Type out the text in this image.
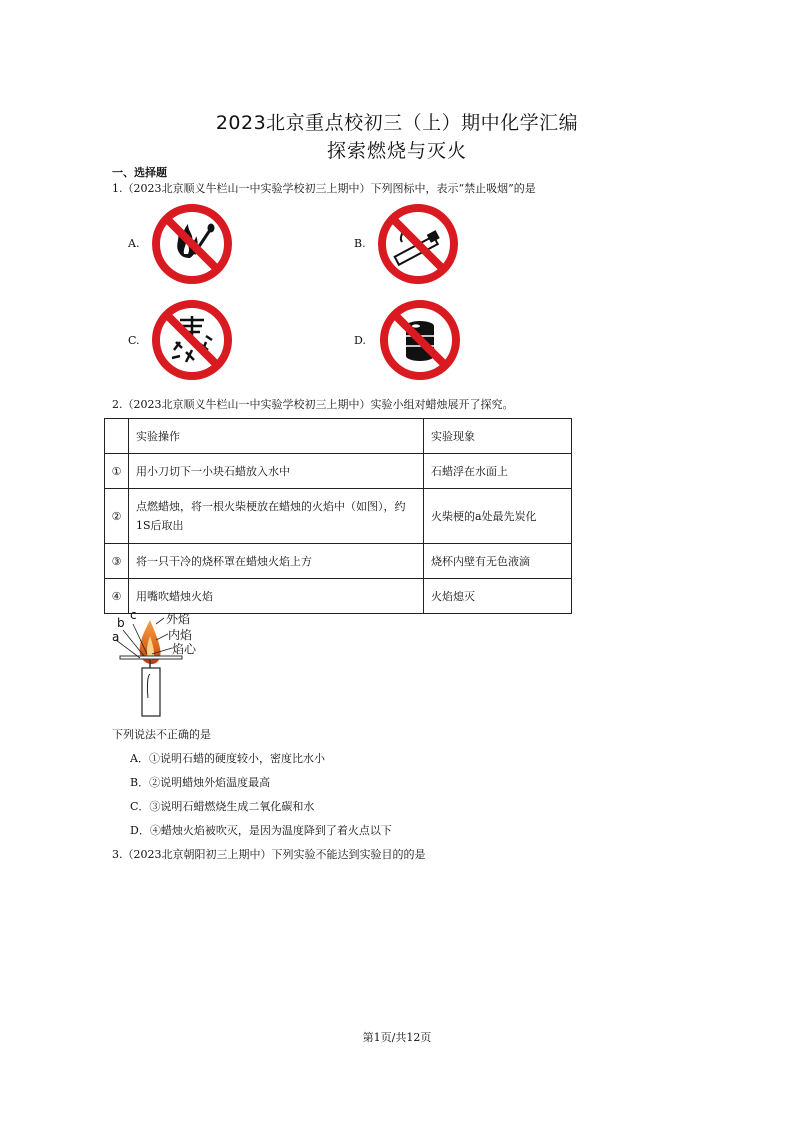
2023北京重点校初三（上）期中化学汇编
探索燃烧与灭火
一、选择题
1.（2023北京顺义牛栏山一中实验学校初三上期中）下列图标中，表示“禁止吸烟”的是
A.	B.
C.	D.
2.（2023北京顺义牛栏山一中实验学校初三上期中）实验小组对蜡烛展开了探究。
	实验操作	实验现象
①	用小刀切下一小块石蜡放入水中	石蜡浮在水面上
②	点燃蜡烛，将一根火柴梗放在蜡烛的火焰中（如图），约1S后取出	火柴梗的a处最先炭化
③	将一只干冷的烧杯罩在蜡烛火焰上方	烧杯内壁有无色液滴
④	用嘴吹蜡烛火焰	火焰熄灭
a
b
c 外焰
内焰
焰心
下列说法不正确的是
A．①说明石蜡的硬度较小，密度比水小
B．②说明蜡烛外焰温度最高
C．③说明石蜡燃烧生成二氧化碳和水
D．④蜡烛火焰被吹灭，是因为温度降到了着火点以下
3.（2023北京朝阳初三上期中）下列实验不能达到实验目的的是
第1页/共12页
